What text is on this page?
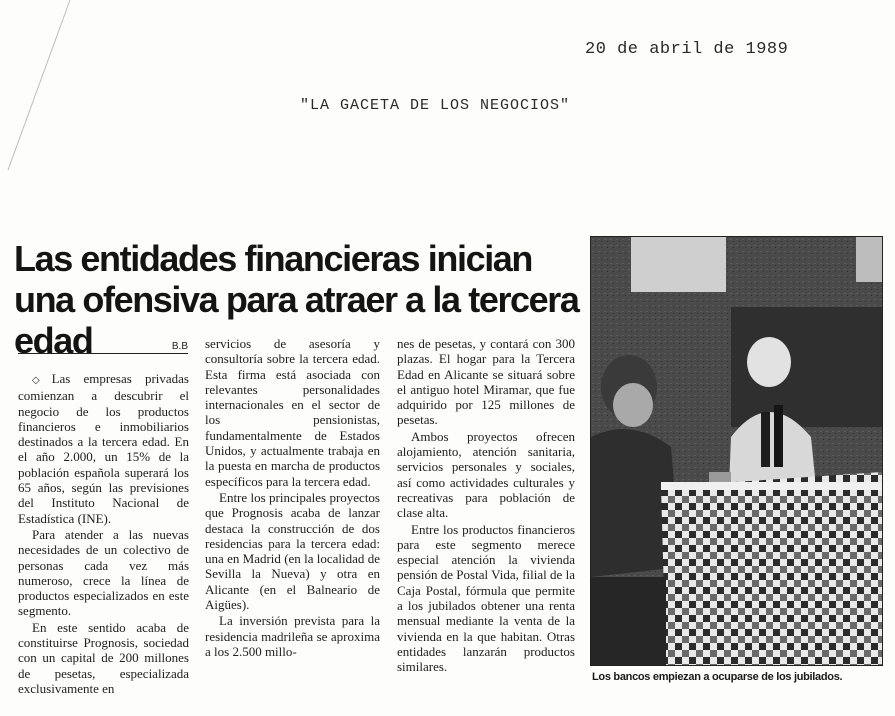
20 de abril de 1989
"LA GACETA DE LOS NEGOCIOS"
Las entidades financieras inician una ofensiva para atraer a la tercera edad	B.B

◇ Las empresas privadas comienzan a descubrir el negocio de los productos financieros e inmobiliarios destinados a la tercera edad. En el año 2.000, un 15% de la población española superará los 65 años, según las previsiones del Instituto Nacional de Estadística (INE).

Para atender a las nuevas necesidades de un colectivo de personas cada vez más numeroso, crece la línea de productos especializados en este segmento.

En este sentido acaba de constituirse Prognosis, sociedad con un capital de 200 millones de pesetas, especializada exclusivamente en

servicios de asesoría y consultoría sobre la tercera edad. Esta firma está asociada con relevantes personalidades internacionales en el sector de los pensionistas, fundamentalmente de Estados Unidos, y actualmente trabaja en la puesta en marcha de productos específicos para la tercera edad.

Entre los principales proyectos que Prognosis acaba de lanzar destaca la construcción de dos residencias para la tercera edad: una en Madrid (en la localidad de Sevilla la Nueva) y otra en Alicante (en el Balneario de Aigües).

La inversión prevista para la residencia madrileña se aproxima a los 2.500 millo-

nes de pesetas, y contará con 300 plazas. El hogar para la Tercera Edad en Alicante se situará sobre el antiguo hotel Miramar, que fue adquirido por 125 millones de pesetas.

Ambos proyectos ofrecen alojamiento, atención sanitaria, servicios personales y sociales, así como actividades culturales y recreativas para población de clase alta.

Entre los productos financieros para este segmento merece especial atención la vivienda pensión de Postal Vida, filial de la Caja Postal, fórmula que permite a los jubilados obtener una renta mensual mediante la venta de la vivienda en la que habitan. Otras entidades lanzarán productos similares.

Los bancos empiezan a ocuparse de los jubilados.
